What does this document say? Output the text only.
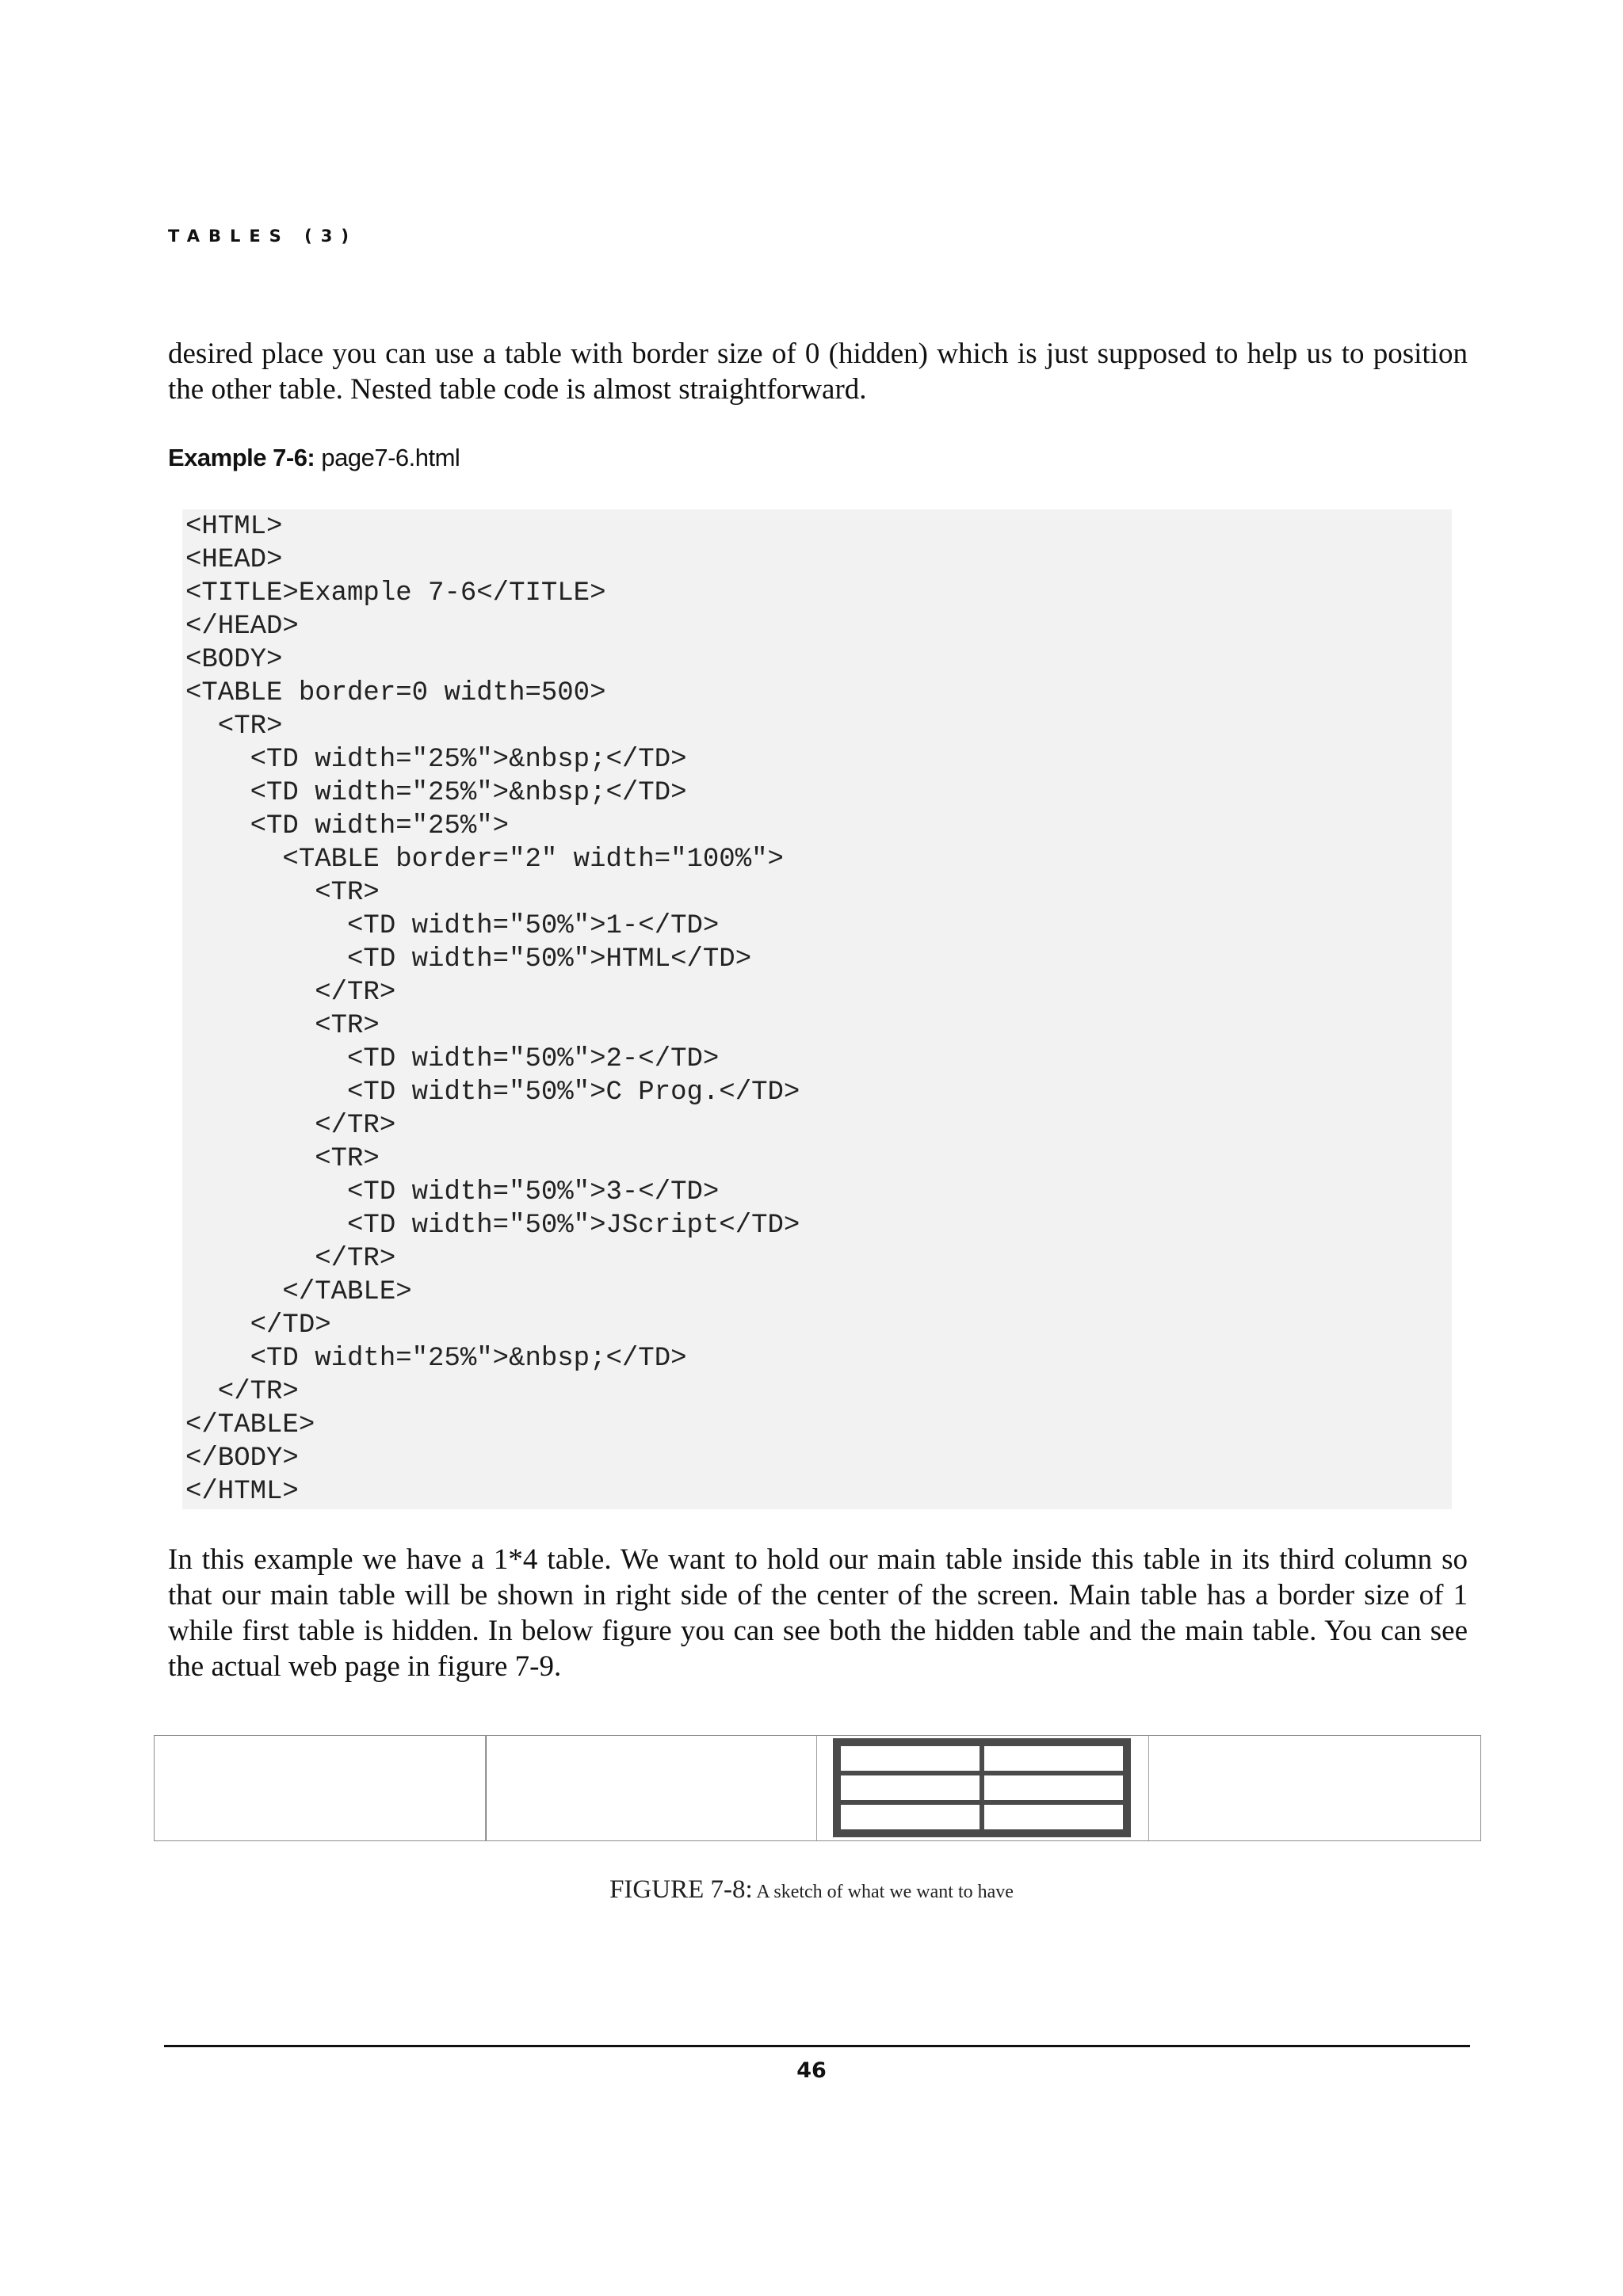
TABLES (3)

desired place you can use a table with border size of 0 (hidden) which is just supposed to help us to position the other table. Nested table code is almost straightforward.

Example 7-6: page7-6.html
<HTML>
<HEAD>
<TITLE>Example 7-6</TITLE>
</HEAD>
<BODY>
<TABLE border=0 width=500>
<TR>
<TD width="25%">&nbsp;</TD>
<TD width="25%">&nbsp;</TD>
<TD width="25%">
<TABLE border="2" width="100%">
<TR>
<TD width="50%">1-</TD>
<TD width="50%">HTML</TD>
</TR>
<TR>
<TD width="50%">2-</TD>
<TD width="50%">C Prog.</TD>
</TR>
<TR>
<TD width="50%">3-</TD>
<TD width="50%">JScript</TD>
</TR>
</TABLE>
</TD>
<TD width="25%">&nbsp;</TD>
</TR>
</TABLE>
</BODY>
</HTML>

In this example we have a 1*4 table. We want to hold our main table inside this table in its third column so that our main table will be shown in right side of the center of the screen. Main table has a border size of 1 while first table is hidden. In below figure you can see both the hidden table and the main table. You can see the actual web page in figure 7-9.

FIGURE 7-8: A sketch of what we want to have
46
